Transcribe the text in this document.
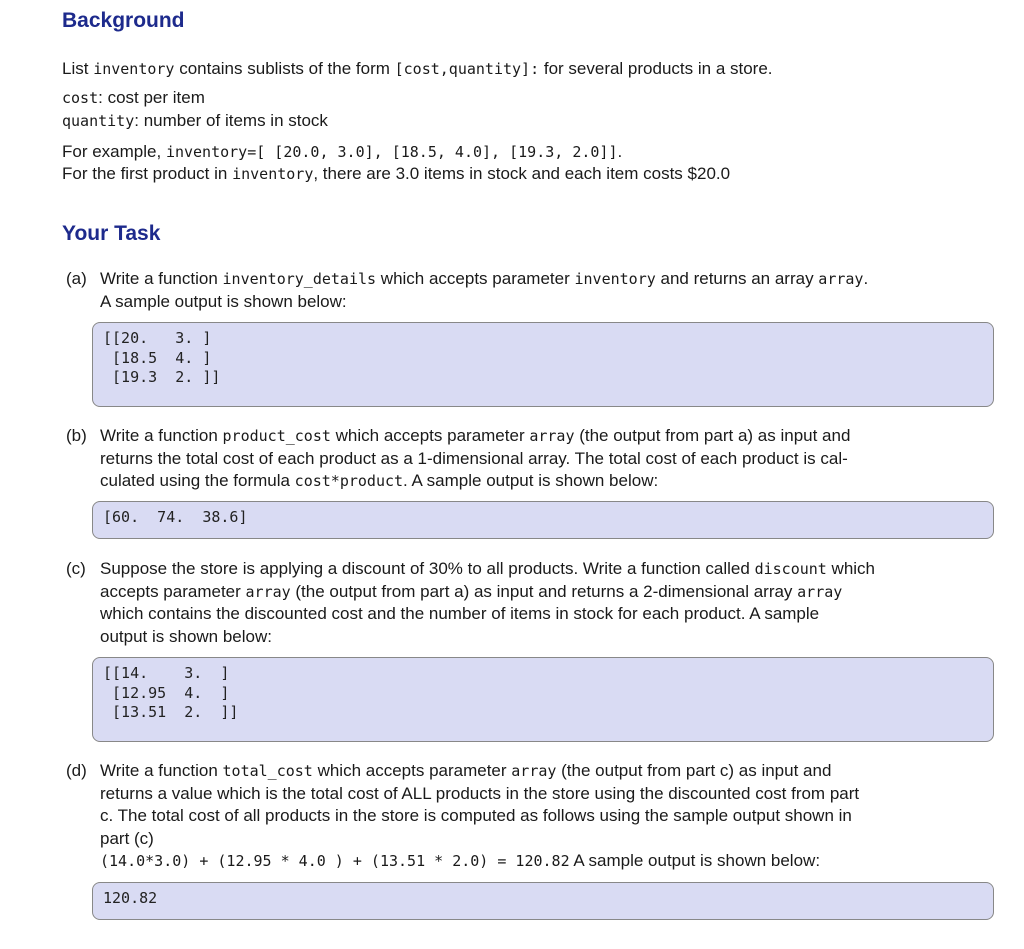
Background
List inventory contains sublists of the form [cost,quantity]: for several products in a store.
cost: cost per item
quantity: number of items in stock
For example, inventory=[ [20.0, 3.0], [18.5, 4.0], [19.3, 2.0]].
For the first product in inventory, there are 3.0 items in stock and each item costs $20.0
Your Task
(a) Write a function inventory_details which accepts parameter inventory and returns an array array.
A sample output is shown below:
[[20.   3. ]
[18.5  4. ]
[19.3  2. ]]
(b) Write a function product_cost which accepts parameter array (the output from part a) as input and
returns the total cost of each product as a 1-dimensional array. The total cost of each product is cal-
culated using the formula cost*product. A sample output is shown below:
[60.  74.  38.6]
(c) Suppose the store is applying a discount of 30% to all products. Write a function called discount which
accepts parameter array (the output from part a) as input and returns a 2-dimensional array array
which contains the discounted cost and the number of items in stock for each product. A sample
output is shown below:
[[14.    3.  ]
[12.95  4.  ]
[13.51  2.  ]]
(d) Write a function total_cost which accepts parameter array (the output from part c) as input and
returns a value which is the total cost of ALL products in the store using the discounted cost from part
c. The total cost of all products in the store is computed as follows using the sample output shown in
part (c)
(14.0*3.0) + (12.95 * 4.0 ) + (13.51 * 2.0) = 120.82 A sample output is shown below:
120.82
